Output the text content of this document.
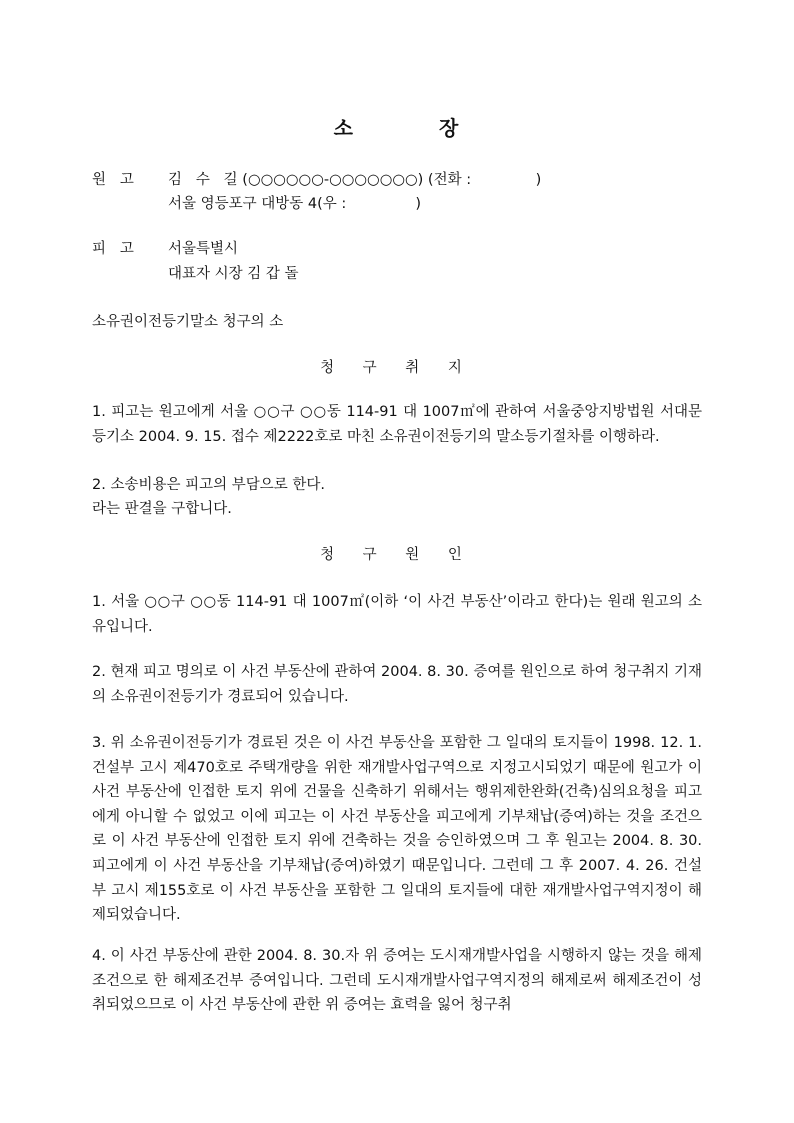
소	장
원   고 김   수   길 (○○○○○○-○○○○○○○) (전화 :              )
서울 영등포구 대방동 4(우 :               )
피   고 서울특별시
대표자 시장 김 갑 돌
소유권이전등기말소 청구의 소
청 구 취 지
1. 피고는 원고에게 서울 ○○구 ○○동 114-91 대 1007㎡에 관하여 서울중앙지방법원 서대문등기소 2004. 9. 15. 접수 제2222호로 마친 소유권이전등기의 말소등기절차를 이행하라.
2. 소송비용은 피고의 부담으로 한다.
라는 판결을 구합니다.
청 구 원 인
1. 서울 ○○구 ○○동 114-91 대 1007㎡(이하 ‘이 사건 부동산’이라고 한다)는 원래 원고의 소유입니다.
2. 현재 피고 명의로 이 사건 부동산에 관하여 2004. 8. 30. 증여를 원인으로 하여 청구취지 기재의 소유권이전등기가 경료되어 있습니다.
3. 위 소유권이전등기가 경료된 것은 이 사건 부동산을 포함한 그 일대의 토지들이 1998. 12. 1. 건설부 고시 제470호로 주택개량을 위한 재개발사업구역으로 지정고시되었기 때문에 원고가 이 사건 부동산에 인접한 토지 위에 건물을 신축하기 위해서는 행위제한완화(건축)심의요청을 피고에게 아니할 수 없었고 이에 피고는 이 사건 부동산을 피고에게 기부채납(증여)하는 것을 조건으로 이 사건 부동산에 인접한 토지 위에 건축하는 것을 승인하였으며 그 후 원고는 2004. 8. 30. 피고에게 이 사건 부동산을 기부채납(증여)하였기 때문입니다. 그런데 그 후 2007. 4. 26. 건설부 고시 제155호로 이 사건 부동산을 포함한 그 일대의 토지들에 대한 재개발사업구역지정이 해제되었습니다.
4. 이 사건 부동산에 관한 2004. 8. 30.자 위 증여는 도시재개발사업을 시행하지 않는 것을 해제조건으로 한 해제조건부 증여입니다. 그런데 도시재개발사업구역지정의 해제로써 해제조건이 성취되었으므로 이 사건 부동산에 관한 위 증여는 효력을 잃어 청구취
